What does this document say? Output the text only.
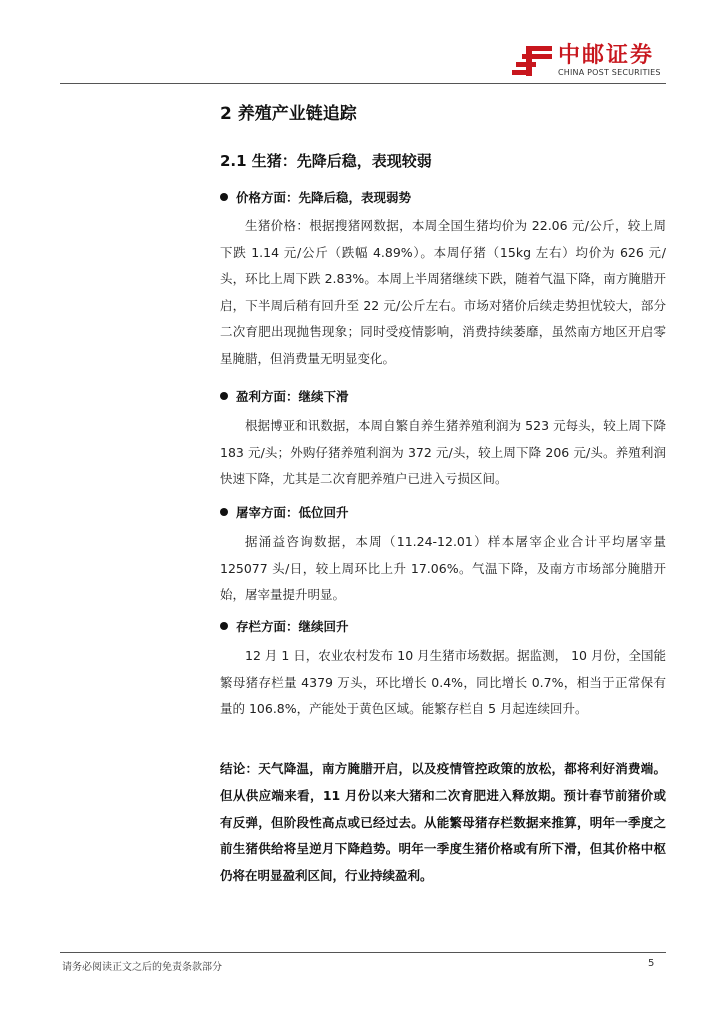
中邮证券
CHINA POST SECURITIES
2 养殖产业链追踪
2.1 生猪：先降后稳，表现较弱
价格方面：先降后稳，表现弱势

生猪价格：根据搜猪网数据，本周全国生猪均价为 22.06 元/公斤，较上周下跌 1.14 元/公斤（跌幅 4.89%）。本周仔猪（15kg 左右）均价为 626 元/头，环比上周下跌 2.83%。本周上半周猪继续下跌，随着气温下降，南方腌腊开启，下半周后稍有回升至 22 元/公斤左右。市场对猪价后续走势担忧较大，部分二次育肥出现抛售现象；同时受疫情影响，消费持续萎靡，虽然南方地区开启零星腌腊，但消费量无明显变化。

盈利方面：继续下滑

根据博亚和讯数据，本周自繁自养生猪养殖利润为 523 元每头，较上周下降 183 元/头；外购仔猪养殖利润为 372 元/头，较上周下降 206 元/头。养殖利润快速下降，尤其是二次育肥养殖户已进入亏损区间。

屠宰方面：低位回升

据涌益咨询数据，本周（11.24-12.01）样本屠宰企业合计平均屠宰量 125077 头/日，较上周环比上升 17.06%。气温下降，及南方市场部分腌腊开始，屠宰量提升明显。

存栏方面：继续回升

12 月 1 日，农业农村发布 10 月生猪市场数据。据监测， 10 月份，全国能繁母猪存栏量 4379 万头，环比增长 0.4%，同比增长 0.7%，相当于正常保有量的 106.8%，产能处于黄色区域。能繁存栏自 5 月起连续回升。

结论：天气降温，南方腌腊开启，以及疫情管控政策的放松，都将利好消费端。但从供应端来看，11 月份以来大猪和二次育肥进入释放期。预计春节前猪价或有反弹，但阶段性高点或已经过去。从能繁母猪存栏数据来推算，明年一季度之前生猪供给将呈逆月下降趋势。明年一季度生猪价格或有所下滑，但其价格中枢仍将在明显盈利区间，行业持续盈利。

请务必阅读正文之后的免责条款部分	5
